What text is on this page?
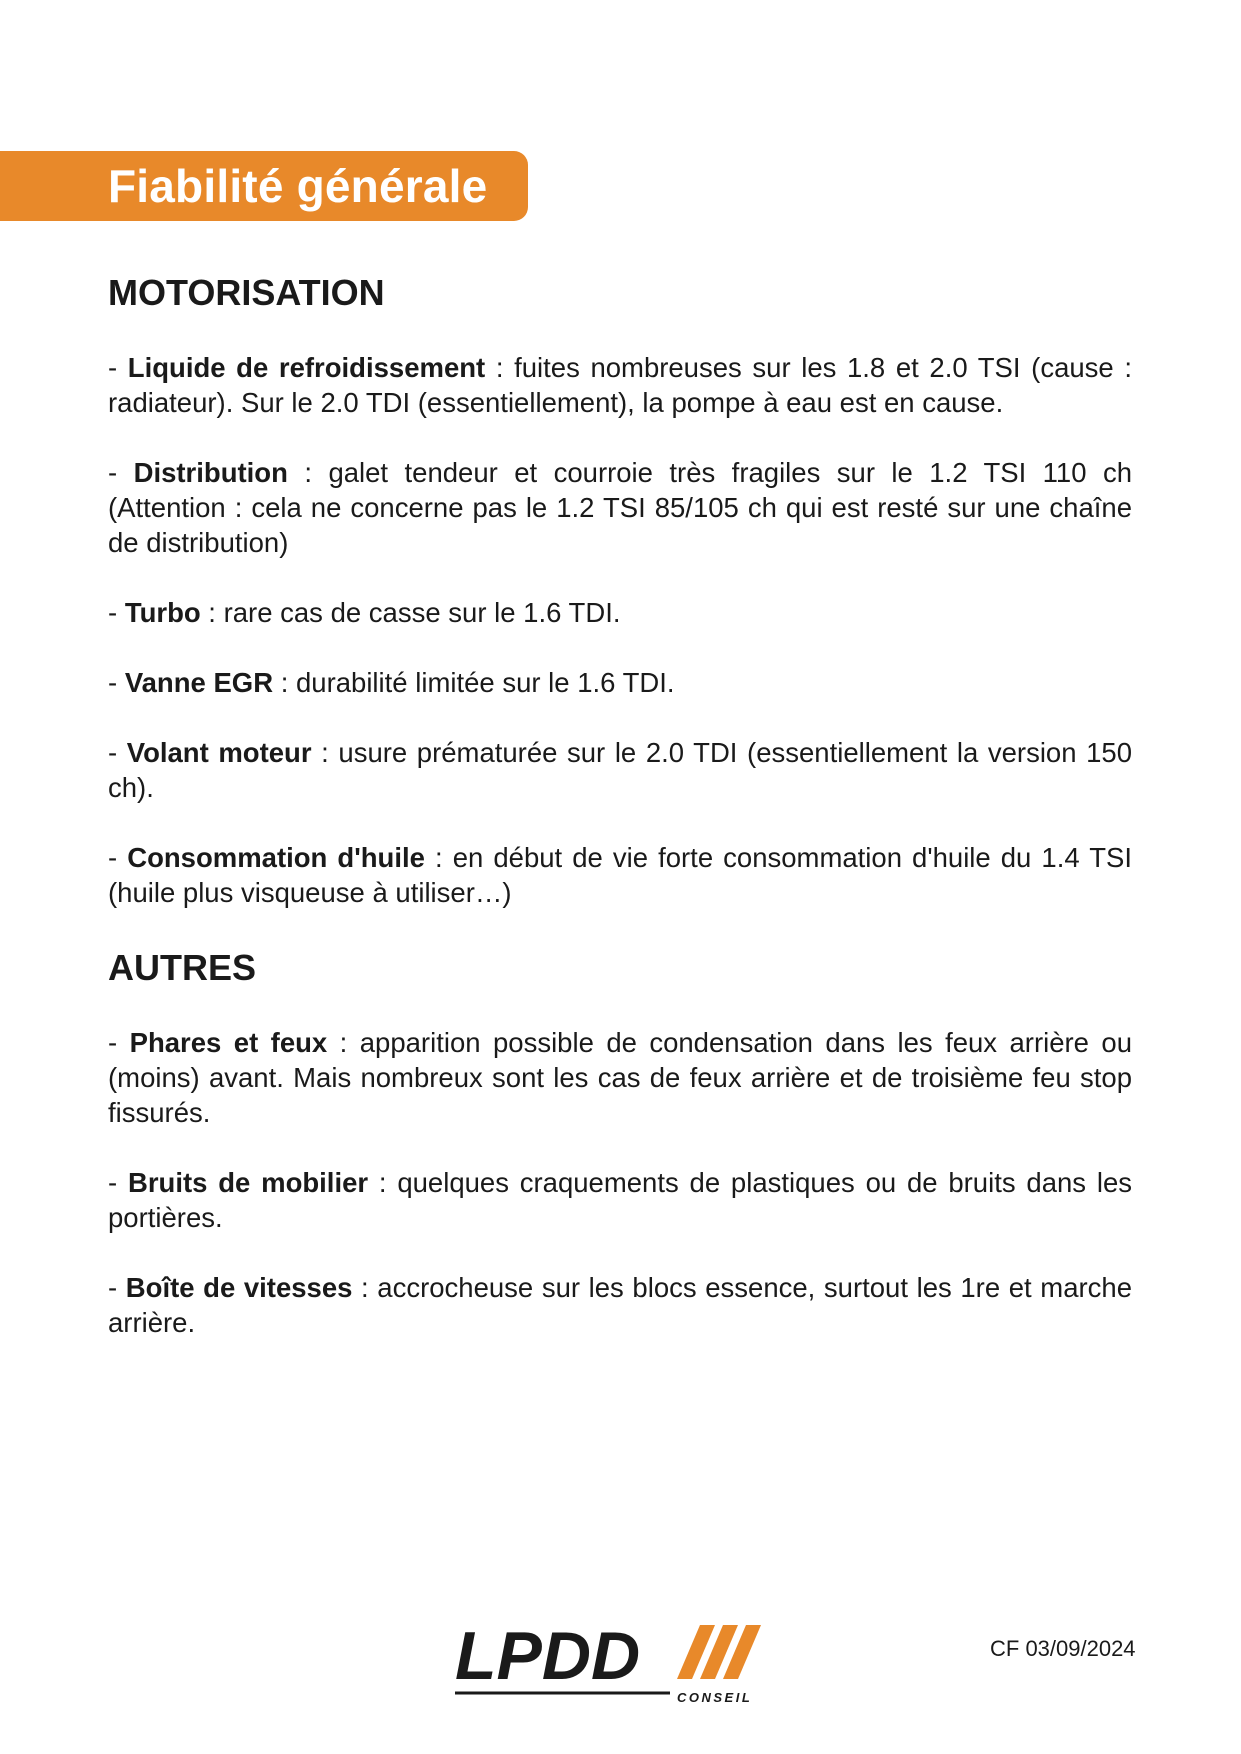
Fiabilité générale
MOTORISATION

- Liquide de refroidissement : fuites nombreuses sur les 1.8 et 2.0 TSI (cause : radiateur). Sur le 2.0 TDI (essentiellement), la pompe à eau est en cause.

- Distribution : galet tendeur et courroie très fragiles sur le 1.2 TSI 110 ch (Attention : cela ne concerne pas le 1.2 TSI 85/105 ch qui est resté sur une chaîne de distribution)

- Turbo : rare cas de casse sur le 1.6 TDI.

- Vanne EGR : durabilité limitée sur le 1.6 TDI.

- Volant moteur : usure prématurée sur le 2.0 TDI (essentiellement la version 150 ch).

- Consommation d'huile : en début de vie forte consommation d'huile du 1.4 TSI (huile plus visqueuse à utiliser…)

AUTRES

- Phares et feux : apparition possible de condensation dans les feux arrière ou (moins) avant. Mais nombreux sont les cas de feux arrière et de troisième feu stop fissurés.

- Bruits de mobilier : quelques craquements de plastiques ou de bruits dans les portières.

- Boîte de vitesses : accrocheuse sur les blocs essence, surtout les 1re et marche arrière.

LPDD
CONSEIL
CF 03/09/2024
